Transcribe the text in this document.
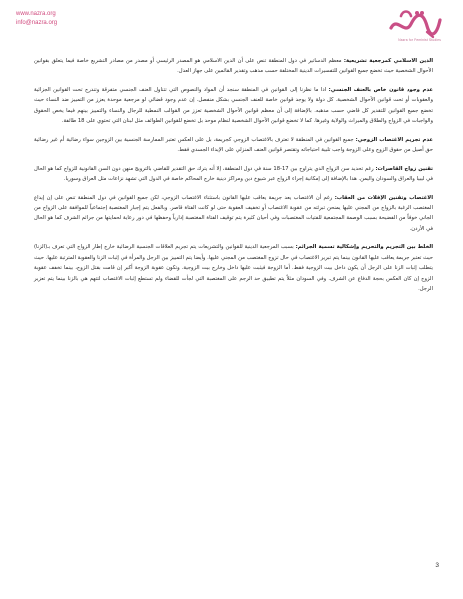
www.nazra.org
info@nazra.org
Nazra for Feminist Studies

الدين الاسلامي كمرجعية تشريعية: معظم الدساتير في دول المنطقة تنص على أن الدين الاسلامي هو المصدر الرئيسي أو مصدر من مصادر التشريع خاصة فيما يتعلق بقوانين الأحوال الشخصية حيث تخضع جميع القوانين للتفسيرات الدينية المختلفة حسب مذهب وتقدير القائمين على جهاز العدل.

عدم وجود قانون خاص بالعنف الجنسي: اذا ما نظرنا إلى القوانين في المنطقة سنجد أن المواد والنصوص التي تتناول العنف الجنسي متفرقة وتندرج تحت القوانين الجزائية والعقوبات أو تحت قوانين الأحوال الشخصية. كل دولة ولا يوجد قوانين خاصة للعنف الجنسي بشكل منفصل. إن عدم وجود قضائي لو مرجعية موحدة يعزز من التمييز ضد النساء حيث تخضع جميع القوانين للتقدير كل قاضي حسب مذهبه. بالإضافة إلى أن معظم قوانين الأحوال الشخصية تعزز من القوالب النمطية للرجال والنساء والتمييز بينهم فيما يخص الحقوق والواجبات في الزواج والطلاق والميراث والولاية وغيرها. كما لا تخضع قوانين الأحوال الشخصية لنظام موحد بل تخضع للقوانين الطوائف مثل لبنان التي تحتوي على 18 طائفة.

عدم تجريم الاغتصاب الزوجي: جميع القوانين في المنطقة لا تعترف بالاغتصاب الزوجي كجريمة، بل على العكس تعتبر الممارسة الجنسية بين الزوجين سواء رضائية أم غير رضائية حق أصيل من حقوق الزوج وعلى الزوجة واجب تلبية احتياجاته وتقتصر قوانين العنف المنزلي على الإيذاء الجسدي فقط.

تقنين زواج القاصرات: رغم تحديد سن الزواج الذي يتراوح بين 17-18 سنة في دول المنطقة، إلا أنه يترك حق التقدير للقاضي بالترويج منهن دون السن القانونية للزواج كما هو الحال في ليبيا والعراق والسودان واليمن. هذا بالإضافة إلى إمكانية إجراء الزواج عبر شيوخ دين ومراكز دينية خارج المحاكم خاصة في الدول التي تشهد نزاعات مثل العراق وسوريا.

الاغتصاب وتقنين الإفلات من العقاب: رغم أن الاغتصاب يعد جريمة يعاقب عليها القانون باستثناء الاغتصاب الزوجي، لكن جميع القوانين في دول المنطقة تنص على إن إيداع المغتصب الرغبة بالزواج من المجني عليها يمنحن تبرئته من عقوبة الاغتصاب أو تخفيف العقوبة حتى لو كانت الفتاة قاصر. وبالفعل يتم إجبار المغتصبة إجتماعياً للموافقة على الزواج من الجاني خوفاً من الفضيحة بسبب الوصمة المجتمعية للفتيات المغتصبات وفي أحيان كثيرة يتم توقيف الفتاة المغتصبة إدارياً وحفظها في دور رعاية لحمايتها من جرائم الشرف كما هو الحال في الأردن.

الخلط بين التجريم والتحريم وإشكالية تسمية الجرائم: بسبب المرجعية الدينية للقوانين والتشريعات يتم تجريم العلاقات الجنسية الرضائية خارج إطار الزواج التي تعرف بـ(الزنا) حيث تعتبر جريمة يعاقب عليها القانون بينما يتم تبرير الاغتصاب في حال تزوج المغتصب من المجني عليها. وأيضا يتم التمييز بين الرجل والمرأة في إثبات الزنا والعقوبة المترتبة عليها. حيث يتطلب إثبات الزنا على الرجل أن يكون داخل بيت الزوجية فقط. أما الزوجة فيثبت عليها داخل وخارج بيت الزوجية. وتكون عقوبة الزوجة أكبر إن قامت بقتل الزوج، بينما تخفف عقوبة الزوج إن كان العكس بحجة الدفاع عن الشرف. وفي السودان مثلاً يتم تطبيق حد الرجم على المغتصبة التي لجأت للقضاء ولم تستطع إثبات الاغتصاب لتتهم هي بالزنا بينما يتم تعزير الرجل.

3
